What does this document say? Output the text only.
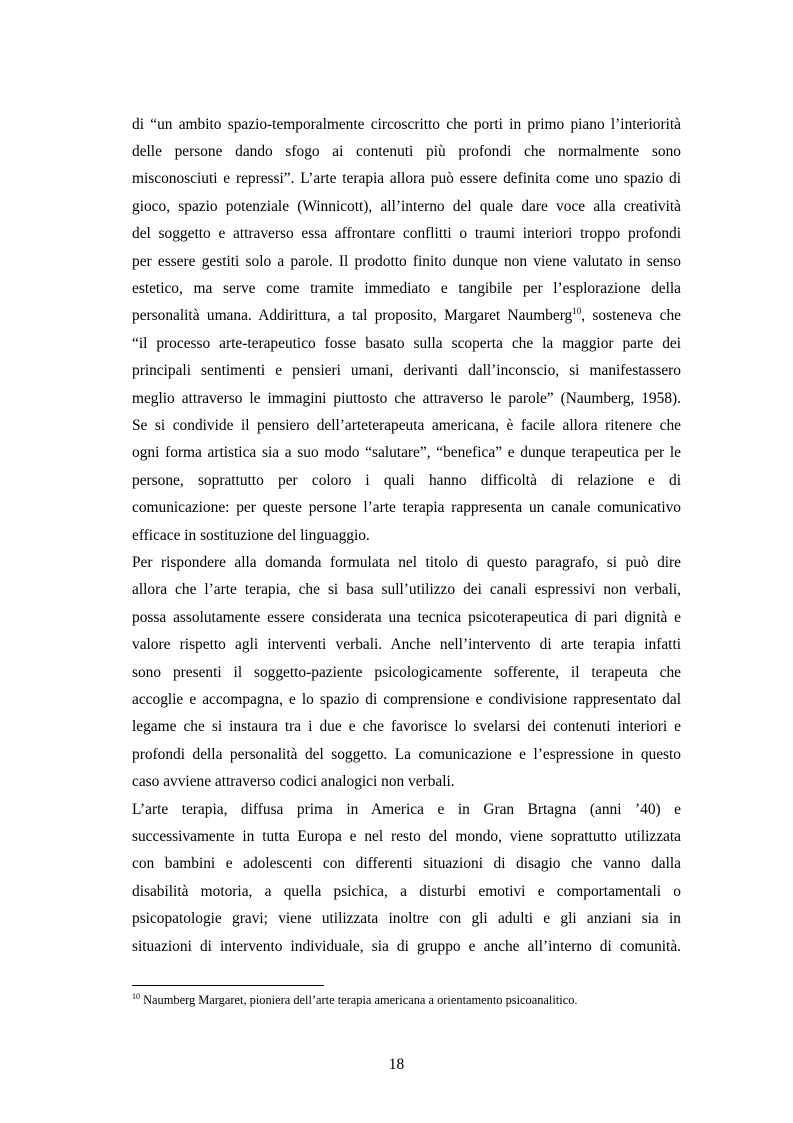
di “un ambito spazio-temporalmente circoscritto che porti in primo piano l’interiorità
delle persone dando sfogo ai contenuti più profondi che normalmente sono
misconosciuti e repressi”. L’arte terapia allora può essere definita come uno spazio di
gioco, spazio potenziale (Winnicott), all’interno del quale dare voce alla creatività
del soggetto e attraverso essa affrontare conflitti o traumi interiori troppo profondi
per essere gestiti solo a parole. Il prodotto finito dunque non viene valutato in senso
estetico, ma serve come tramite immediato e tangibile per l’esplorazione della
personalità umana. Addirittura, a tal proposito, Margaret Naumberg$^{10}$, sosteneva che
“il processo arte-terapeutico fosse basato sulla scoperta che la maggior parte dei
principali sentimenti e pensieri umani, derivanti dall’inconscio, si manifestassero
meglio attraverso le immagini piuttosto che attraverso le parole” (Naumberg, 1958).
Se si condivide il pensiero dell’arteterapeuta americana, è facile allora ritenere che
ogni forma artistica sia a suo modo “salutare”, “benefica” e dunque terapeutica per le
persone, soprattutto per coloro i quali hanno difficoltà di relazione e di
comunicazione: per queste persone l’arte terapia rappresenta un canale comunicativo
efficace in sostituzione del linguaggio.
Per rispondere alla domanda formulata nel titolo di questo paragrafo, si può dire
allora che l’arte terapia, che si basa sull’utilizzo dei canali espressivi non verbali,
possa assolutamente essere considerata una tecnica psicoterapeutica di pari dignità e
valore rispetto agli interventi verbali. Anche nell’intervento di arte terapia infatti
sono presenti il soggetto-paziente psicologicamente sofferente, il terapeuta che
accoglie e accompagna, e lo spazio di comprensione e condivisione rappresentato dal
legame che si instaura tra i due e che favorisce lo svelarsi dei contenuti interiori e
profondi della personalità del soggetto. La comunicazione e l’espressione in questo
caso avviene attraverso codici analogici non verbali.
L’arte terapia, diffusa prima in America e in Gran Brtagna (anni ’40) e
successivamente in tutta Europa e nel resto del mondo, viene soprattutto utilizzata
con bambini e adolescenti con differenti situazioni di disagio che vanno dalla
disabilità motoria, a quella psichica, a disturbi emotivi e comportamentali o
psicopatologie gravi; viene utilizzata inoltre con gli adulti e gli anziani sia in
situazioni di intervento individuale, sia di gruppo e anche all’interno di comunità.
$^{10}$ Naumberg Margaret, pioniera dell’arte terapia americana a orientamento psicoanalitico.
18
